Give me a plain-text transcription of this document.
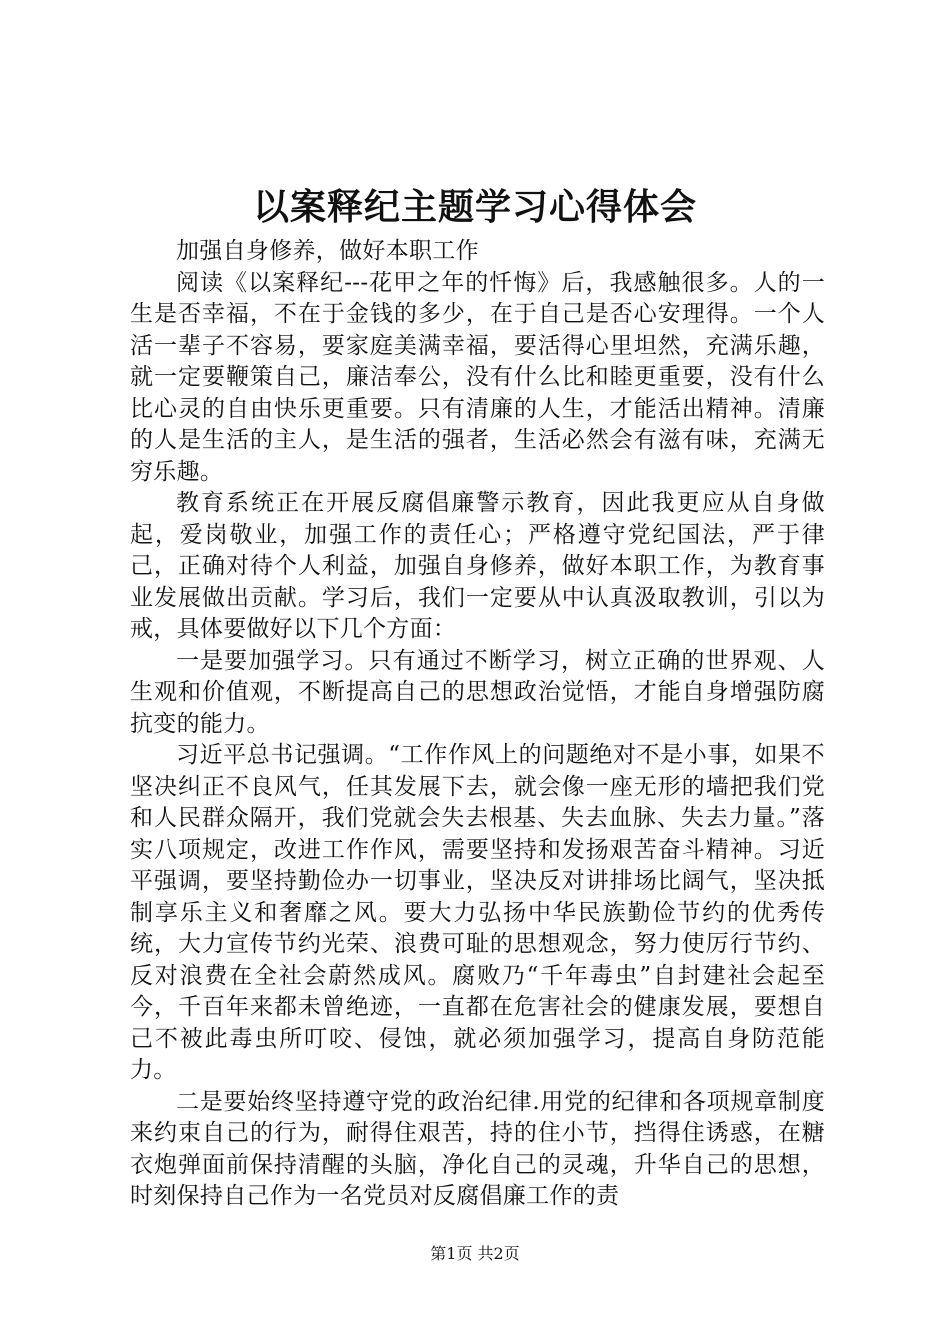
以案释纪主题学习心得体会

加强自身修养，做好本职工作

阅读《以案释纪---花甲之年的忏悔》后，我感触很多。人的一生是否幸福，不在于金钱的多少，在于自己是否心安理得。一个人活一辈子不容易，要家庭美满幸福，要活得心里坦然，充满乐趣，就一定要鞭策自己，廉洁奉公，没有什么比和睦更重要，没有什么比心灵的自由快乐更重要。只有清廉的人生，才能活出精神。清廉的人是生活的主人，是生活的强者，生活必然会有滋有味，充满无穷乐趣。

教育系统正在开展反腐倡廉警示教育，因此我更应从自身做起，爱岗敬业，加强工作的责任心；严格遵守党纪国法，严于律己，正确对待个人利益，加强自身修养，做好本职工作，为教育事业发展做出贡献。学习后，我们一定要从中认真汲取教训，引以为戒，具体要做好以下几个方面：

一是要加强学习。只有通过不断学习，树立正确的世界观、人生观和价值观，不断提高自己的思想政治觉悟，才能自身增强防腐抗变的能力。

习近平总书记强调。“工作作风上的问题绝对不是小事，如果不坚决纠正不良风气，任其发展下去，就会像一座无形的墙把我们党和人民群众隔开，我们党就会失去根基、失去血脉、失去力量。”落实八项规定，改进工作作风，需要坚持和发扬艰苦奋斗精神。习近平强调，要坚持勤俭办一切事业，坚决反对讲排场比阔气，坚决抵制享乐主义和奢靡之风。要大力弘扬中华民族勤俭节约的优秀传统，大力宣传节约光荣、浪费可耻的思想观念，努力使厉行节约、反对浪费在全社会蔚然成风。腐败乃“千年毒虫”自封建社会起至今，千百年来都未曾绝迹，一直都在危害社会的健康发展，要想自己不被此毒虫所叮咬、侵蚀，就必须加强学习，提高自身防范能力。

二是要始终坚持遵守党的政治纪律.用党的纪律和各项规章制度来约束自己的行为，耐得住艰苦，持的住小节，挡得住诱惑，在糖衣炮弹面前保持清醒的头脑，净化自己的灵魂，升华自己的思想，时刻保持自己作为一名党员对反腐倡廉工作的责

第1页 共2页
